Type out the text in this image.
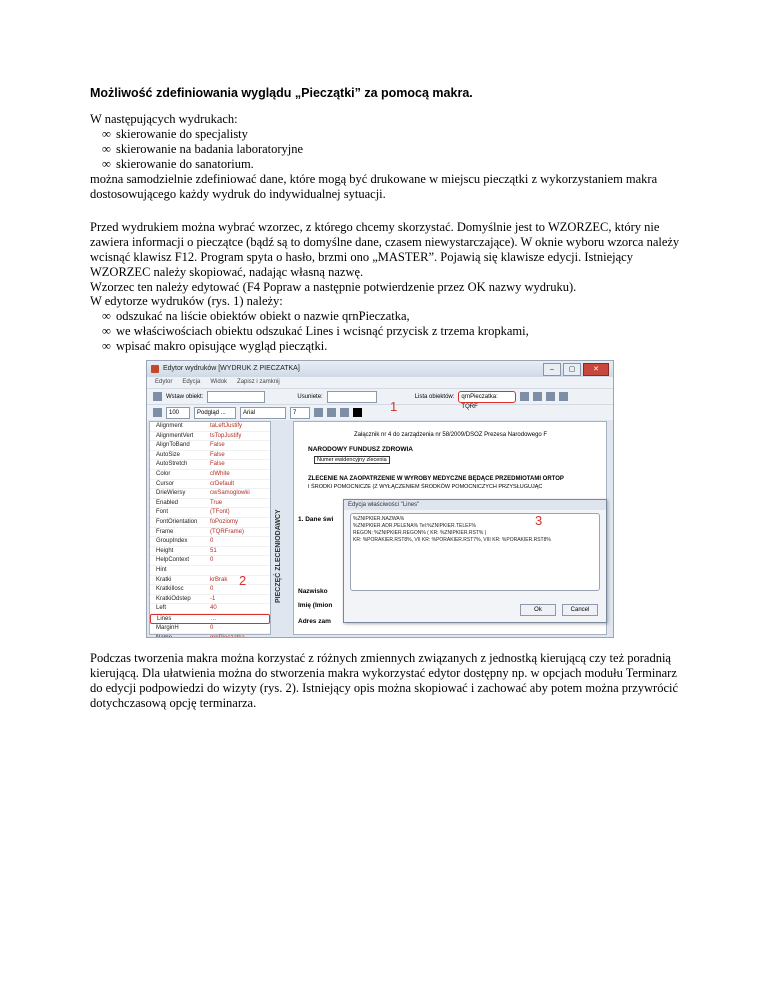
Możliwość zdefiniowania wyglądu „Pieczątki” za pomocą makra.

W następujących wydrukach:

∞ skierowanie do specjalisty
∞ skierowanie na badania laboratoryjne
∞ skierowanie do sanatorium.

można samodzielnie zdefiniować dane, które mogą być drukowane w miejscu pieczątki z wykorzystaniem makra dostosowującego każdy wydruk do indywidualnej sytuacji.

Przed wydrukiem można wybrać wzorzec, z którego chcemy skorzystać. Domyślnie jest to WZORZEC, który nie zawiera informacji o pieczątce (bądź są to domyślne dane, czasem niewystarczające). W oknie wyboru wzorca należy wcisnąć klawisz F12. Program spyta o hasło, brzmi ono „MASTER”. Pojawią się klawisze edycji. Istniejący WZORZEC należy skopiować, nadając własną nazwę.

Wzorzec ten należy edytować (F4 Popraw a następnie potwierdzenie przez OK nazwy wydruku).

W edytorze wydruków (rys. 1) należy:

∞ odszukać na liście obiektów obiekt o nazwie qrnPieczatka,
∞ we właściwościach obiektu odszukać Lines i wcisnąć przycisk z trzema kropkami,
∞ wpisać makro opisujące wygląd pieczątki.
Edytor wydruków [WYDRUK Z PIECZATKA]	–	▢	✕
Edytor Edycja Widok Zapisz i zamknij
Wstaw obiekt:	Usuniete:	Lista obiektów:	qrnPieczatka: TQRF
100	Podgląd ...	Arial	7
Alignment	taLeftJustify
AlignmentVert	tsTopJustify
AlignToBand	False
AutoSize	False
AutoStretch	False
Color	clWhite
Cursor	crDefault
DrieWiersy	cwSamoglowki
Enabled	True
Font	(TFont)
FontOrientation	foPoziomy
Frame	(TQRFrame)
GroupIndex	0
Height	51
HelpContext	0
Hint
Kratki	krBrak
KratkiIlosc	0
KratkiOdstep	-1
Left	40
Lines	...
MarginH	0
PIECZĘĆ ZLECENIODAWCY
Załącznik nr 4 do zarządzenia nr 58/2009/DSOZ Prezesa Narodowego F
NARODOWY FUNDUSZ ZDROWIA
Numer ewidencyjny zlecenia
ZLECENIE NA ZAOPATRZENIE W WYROBY MEDYCZNE BĘDĄCE PRZEDMIOTAMI ORTOP
I ŚRODKI POMOCNICZE (Z WYŁĄCZENIEM ŚRODKÓW POMOCNICZYCH PRZYSŁUGUJĄC
1. Dane świ
Nazwisko
Imię (Imion
Adres zam
Edycja właściwości "Lines"
%ZNIPKIER.NAZWA%
%ZNIPKIER.ADR.PELENA% Tel:%ZNIPKIER.TELEF%
REGON: %ZNIPKIER.REGON% ( KR: %ZNIPKIER.RST% )
KR: %PORAKIER.RST8%, VII KR: %PORAKIER.RST7%, VIII KR: %PORAKIER.RST8%
Ok	Cancel
1
2
3

Podczas tworzenia makra można korzystać z różnych zmiennych związanych z jednostką kierującą czy też poradnią kierującą. Dla ułatwienia można do stworzenia makra wykorzystać edytor dostępny np. w opcjach modułu Terminarz do edycji podpowiedzi do wizyty (rys. 2). Istniejący opis można skopiować i zachować aby potem można przywrócić dotychczasową opcję terminarza.
